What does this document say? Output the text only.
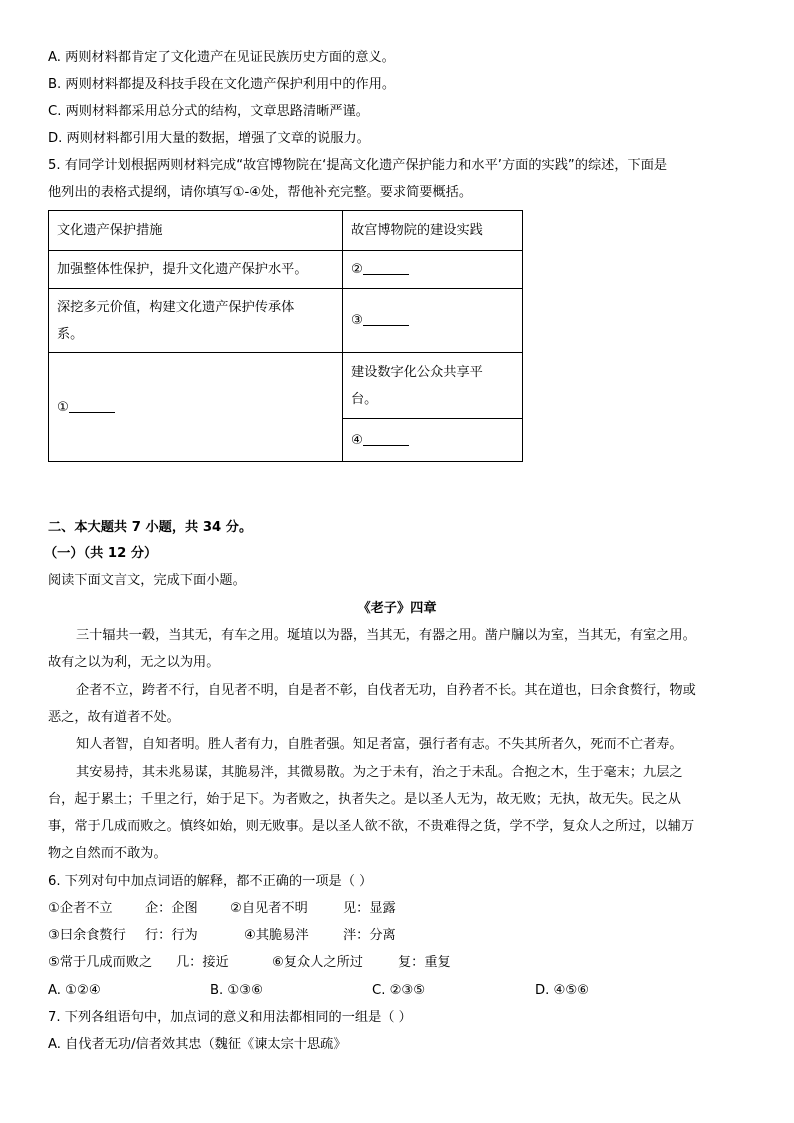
A. 两则材料都肯定了文化遗产在见证民族历史方面的意义。
B. 两则材料都提及科技手段在文化遗产保护利用中的作用。
C. 两则材料都采用总分式的结构，文章思路清晰严谨。
D. 两则材料都引用大量的数据，增强了文章的说服力。
5. 有同学计划根据两则材料完成“故宫博物院在‘提高文化遗产保护能力和水平’方面的实践”的综述，下面是
他列出的表格式提纲，请你填写①-④处，帮他补充完整。要求简要概括。
文化遗产保护措施	故宫博物院的建设实践
加强整体性保护，提升文化遗产保护水平。	②
深挖多元价值，构建文化遗产保护传承体
系。	③
①	建设数字化公众共享平
台。
	④
二、本大题共 7 小题，共 34 分。
（一）（共 12 分）
阅读下面文言文，完成下面小题。
《老子》四章
三十辐共一毂，当其无，有车之用。埏埴以为器，当其无，有器之用。凿户牖以为室，当其无，有室之用。
故有之以为利，无之以为用。
企者不立，跨者不行，自见者不明，自是者不彰，自伐者无功，自矜者不长。其在道也，曰余食赘行，物或
恶之，故有道者不处。
知人者智，自知者明。胜人者有力，自胜者强。知足者富，强行者有志。不失其所者久，死而不亡者寿。
其安易持，其未兆易谋，其脆易泮，其微易散。为之于未有，治之于未乱。合抱之木，生于毫末；九层之
台，起于累土；千里之行，始于足下。为者败之，执者失之。是以圣人无为，故无败；无执，故无失。民之从
事，常于几成而败之。慎终如始，则无败事。是以圣人欲不欲，不贵难得之货，学不学，复众人之所过，以辅万
物之自然而不敢为。
6. 下列对句中加点词语的解释，都不正确的一项是（ ）
①企者不立 企：企图 ②自见者不明	见：显露
③曰余食赘行 行：行为	④其脆易泮	泮：分离
⑤常于几成而败之 几：接近	⑥复众人之所过	复：重复
A. ①②④	B. ①③⑥	C. ②③⑤	D. ④⑤⑥
7. 下列各组语句中，加点词的意义和用法都相同的一组是（ ）
A. 自伐者无功/信者效其忠（魏征《谏太宗十思疏》
